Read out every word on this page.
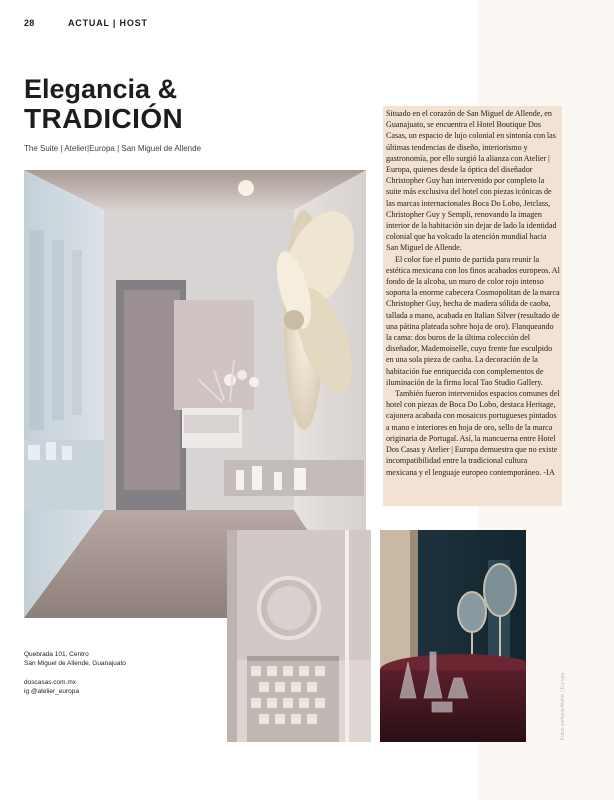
28	ACTUAL | HOST
Elegancia &
TRADICIÓN
The Suite | Atelier|Europa | San Miguel de Allende

Situado en el corazón de San Miguel de Allende, en Guanajuato, se encuentra el Hotel Boutique Dos Casas, un espacio de lujo colonial en sintonía con las últimas tendencias de diseño, interiorismo y gastronomía, por ello surgió la alianza con Atelier | Europa, quienes desde la óptica del diseñador Christopher Guy han intervenido por completo la suite más exclusiva del hotel con piezas icónicas de las marcas internacionales Boca Do Lobo, Jetclass, Christopher Guy y Sempli, renovando la imagen interior de la habitación sin dejar de lado la identidad colonial que ha volcado la atención mundial hacia San Miguel de Allende.

El color fue el punto de partida para reunir la estética mexicana con los finos acabados europeos. Al fondo de la alcoba, un muro de color rojo intenso soporta la enorme cabecera Cosmopolitan de la marca Christopher Guy, hecha de madera sólida de caoba, tallada a mano, acabada en Italian Silver (resultado de una pátina plateada sobre hoja de oro). Flanqueando la cama: dos buros de la última colección del diseñador, Mademoiselle, cuyo frente fue esculpido en una sola pieza de caoba. La decoración de la habitación fue enriquecida con complementos de iluminación de la firma local Tao Studio Gallery.

También fueron intervenidos espacios comunes del hotel con piezas de Boca Do Lobo, destaca Heritage, cajonera acabada con mosaicos portugueses pintados a mano e interiores en hoja de oro, sello de la marca originaria de Portugal. Así, la mancuerna entre Hotel Dos Casas y Atelier | Europa demuestra que no existe incompatibilidad entre la tradicional cultura mexicana y el lenguaje europeo contemporáneo. -IA

Quebrada 101, Centro
San Miguel de Allende, Guanajuato
doscasas.com.mx
ig @atelier_europa	Fotos cortesía Atelier | Europa
